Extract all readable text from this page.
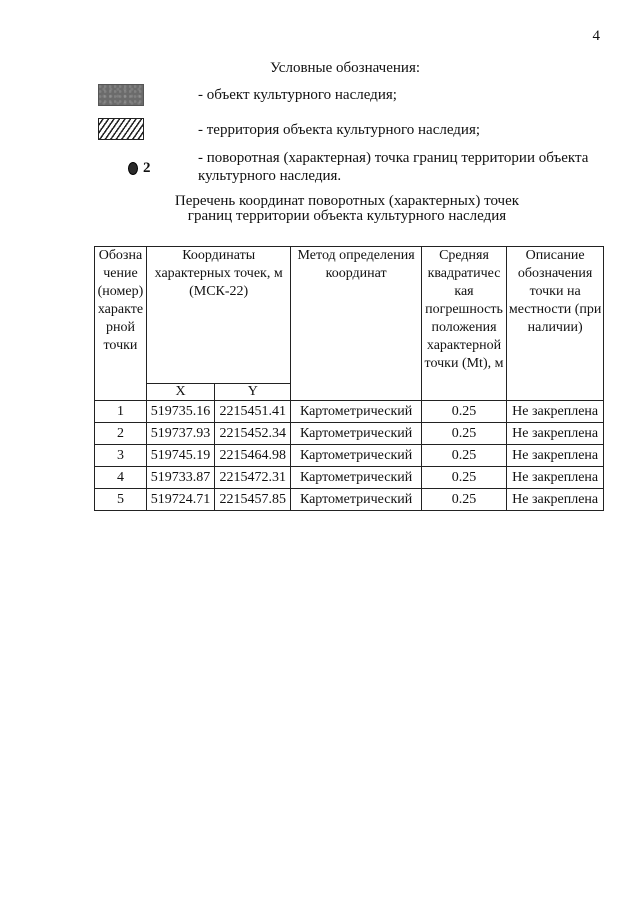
4
Условные обозначения:
- объект культурного наследия;
- территория объекта культурного наследия;
2
- поворотная (характерная) точка границ территории объекта культурного наследия.
Перечень координат поворотных (характерных) точек
границ территории объекта культурного наследия
Обозна чение (номер) характе рной точки	Координаты характерных точек, м (МСК-22)		Метод определения координат	Средняя квадратичес кая погрешность положения характерной точки (Mt), м	Описание обозначения точки на местности (при наличии)
	X	Y			
1	519735.16	2215451.41	Картометрический	0.25	Не закреплена
2	519737.93	2215452.34	Картометрический	0.25	Не закреплена
3	519745.19	2215464.98	Картометрический	0.25	Не закреплена
4	519733.87	2215472.31	Картометрический	0.25	Не закреплена
5	519724.71	2215457.85	Картометрический	0.25	Не закреплена
